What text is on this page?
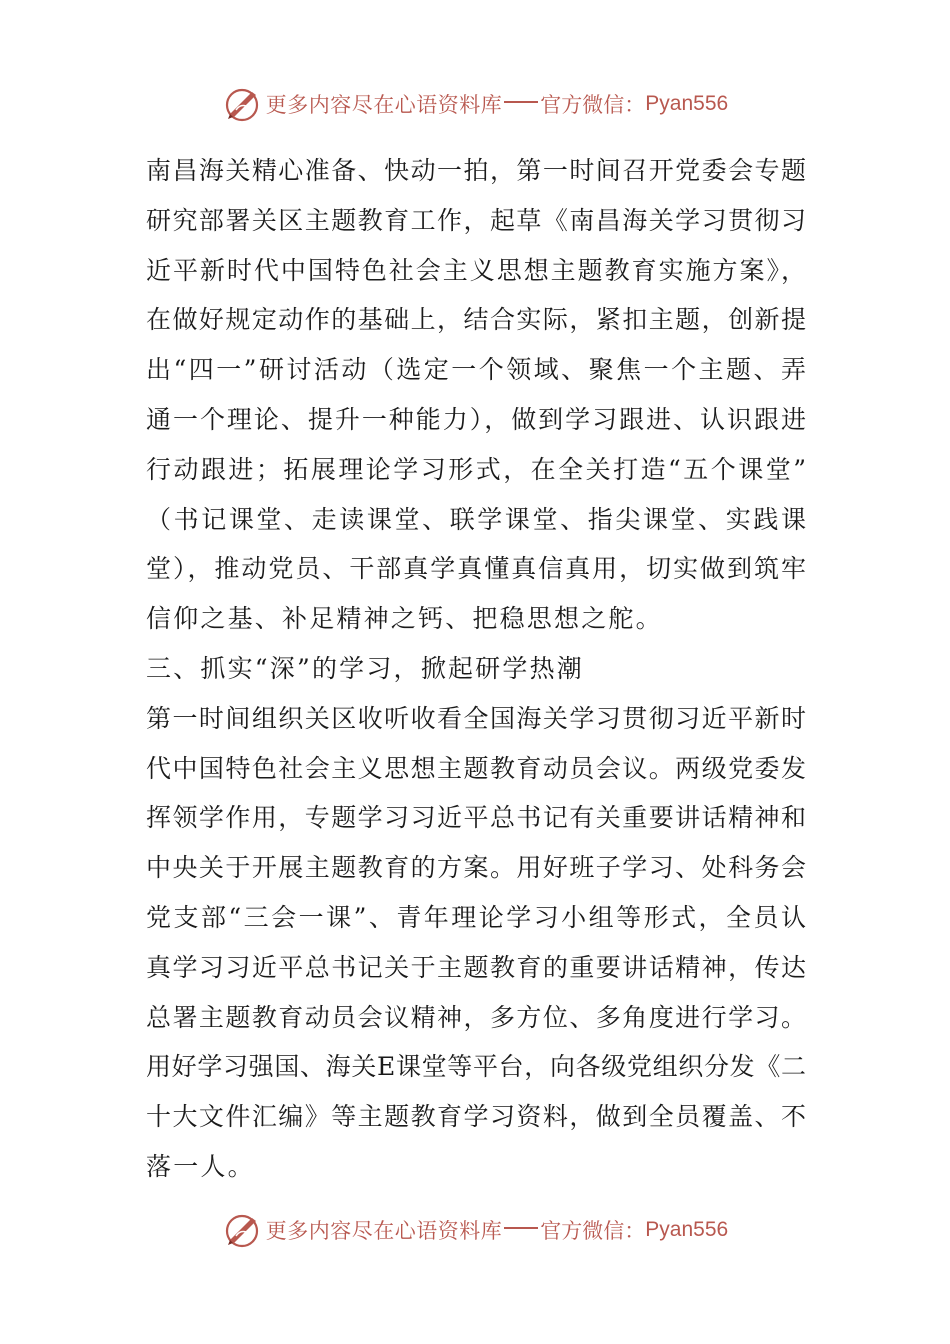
更多内容尽在心语资料库 官方微信： Pyan556
南昌海关精心准备、快动一拍，第一时间召开党委会专题
研究部署关区主题教育工作，起草《南昌海关学习贯彻习
近平新时代中国特色社会主义思想主题教育实施方案》，
在做好规定动作的基础上，结合实际，紧扣主题，创新提
出“四一”研讨活动（选定一个领域、聚焦一个主题、弄
通一个理论、提升一种能力），做到学习跟进、认识跟进
行动跟进；拓展理论学习形式，在全关打造“五个课堂”
（书记课堂、走读课堂、联学课堂、指尖课堂、实践课
堂），推动党员、干部真学真懂真信真用，切实做到筑牢
信仰之基、补足精神之钙、把稳思想之舵。
三、抓实“深”的学习，掀起研学热潮
第一时间组织关区收听收看全国海关学习贯彻习近平新时
代中国特色社会主义思想主题教育动员会议。两级党委发
挥领学作用，专题学习习近平总书记有关重要讲话精神和
中央关于开展主题教育的方案。用好班子学习、处科务会
党支部“三会一课”、青年理论学习小组等形式，全员认
真学习习近平总书记关于主题教育的重要讲话精神，传达
总署主题教育动员会议精神，多方位、多角度进行学习。
用好学习强国、海关E课堂等平台，向各级党组织分发《二
十大文件汇编》等主题教育学习资料，做到全员覆盖、不
落一人。
更多内容尽在心语资料库 官方微信： Pyan556
